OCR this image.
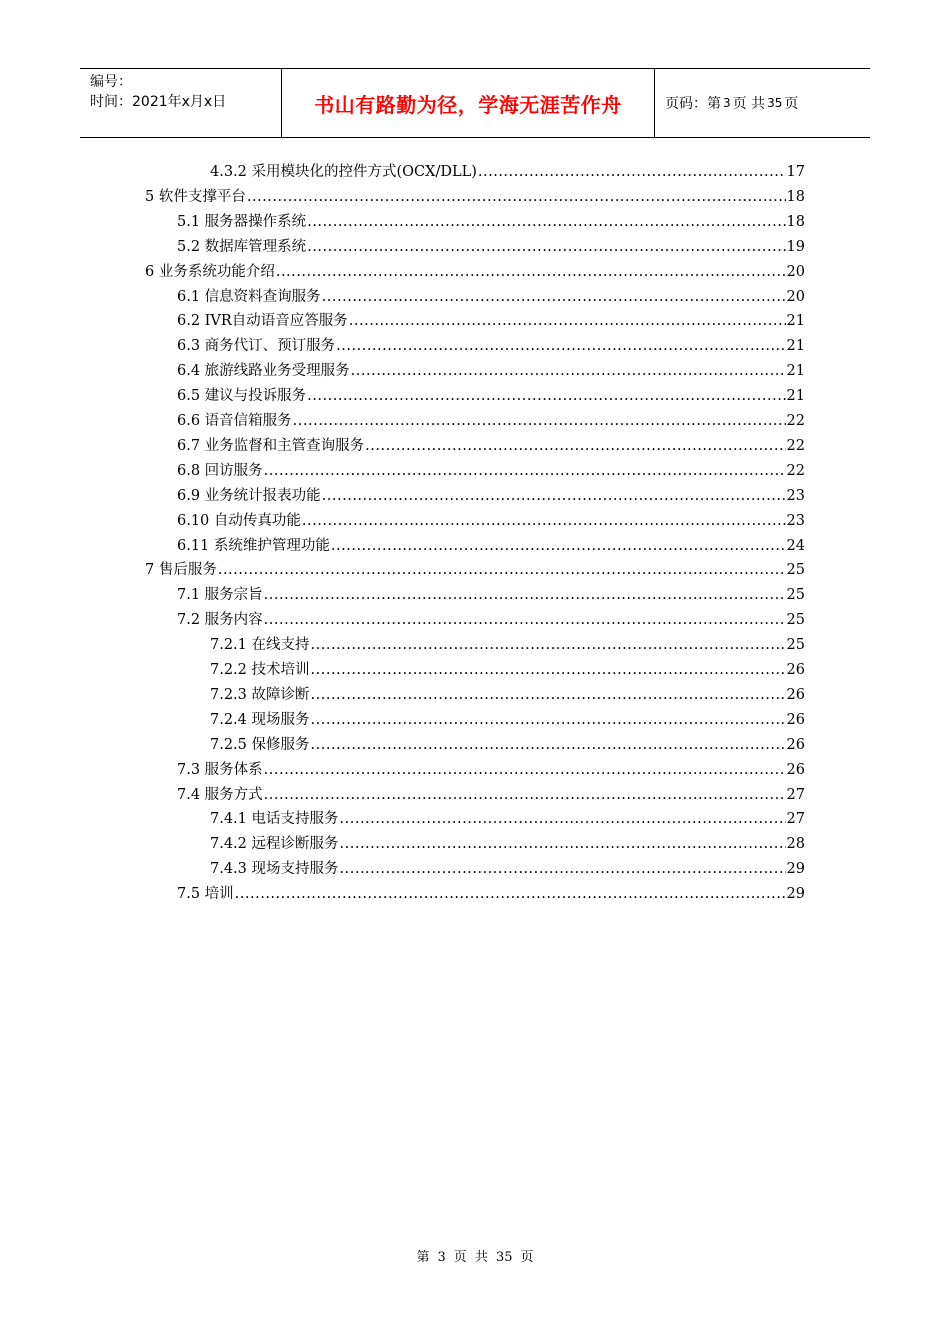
编号：
时间：2021年x月x日	书山有路勤为径，学海无涯苦作舟	页码：第 3 页 共 35 页
4.3.2 采用模块化的控件方式(OCX/DLL) .....	17
5 软件支撑平台 .....	18
5.1 服务器操作系统 .....	18
5.2 数据库管理系统 .....	19
6 业务系统功能介绍 .....	20
6.1 信息资料查询服务 .....	20
6.2 IVR自动语音应答服务 .....	21
6.3 商务代订、预订服务 .....	21
6.4 旅游线路业务受理服务 .....	21
6.5 建议与投诉服务 .....	21
6.6 语音信箱服务 .....	22
6.7 业务监督和主管查询服务 .....	22
6.8 回访服务 .....	22
6.9 业务统计报表功能 .....	23
6.10 自动传真功能 .....	23
6.11 系统维护管理功能 .....	24
7 售后服务 .....	25
7.1 服务宗旨 .....	25
7.2 服务内容 .....	25
7.2.1 在线支持 .....	25
7.2.2 技术培训 .....	26
7.2.3 故障诊断 .....	26
7.2.4 现场服务 .....	26
7.2.5 保修服务 .....	26
7.3 服务体系 .....	26
7.4 服务方式 .....	27
7.4.1 电话支持服务 .....	27
7.4.2 远程诊断服务 .....	28
7.4.3 现场支持服务 .....	29
7.5 培训 .....	29
第 3 页 共 35 页
